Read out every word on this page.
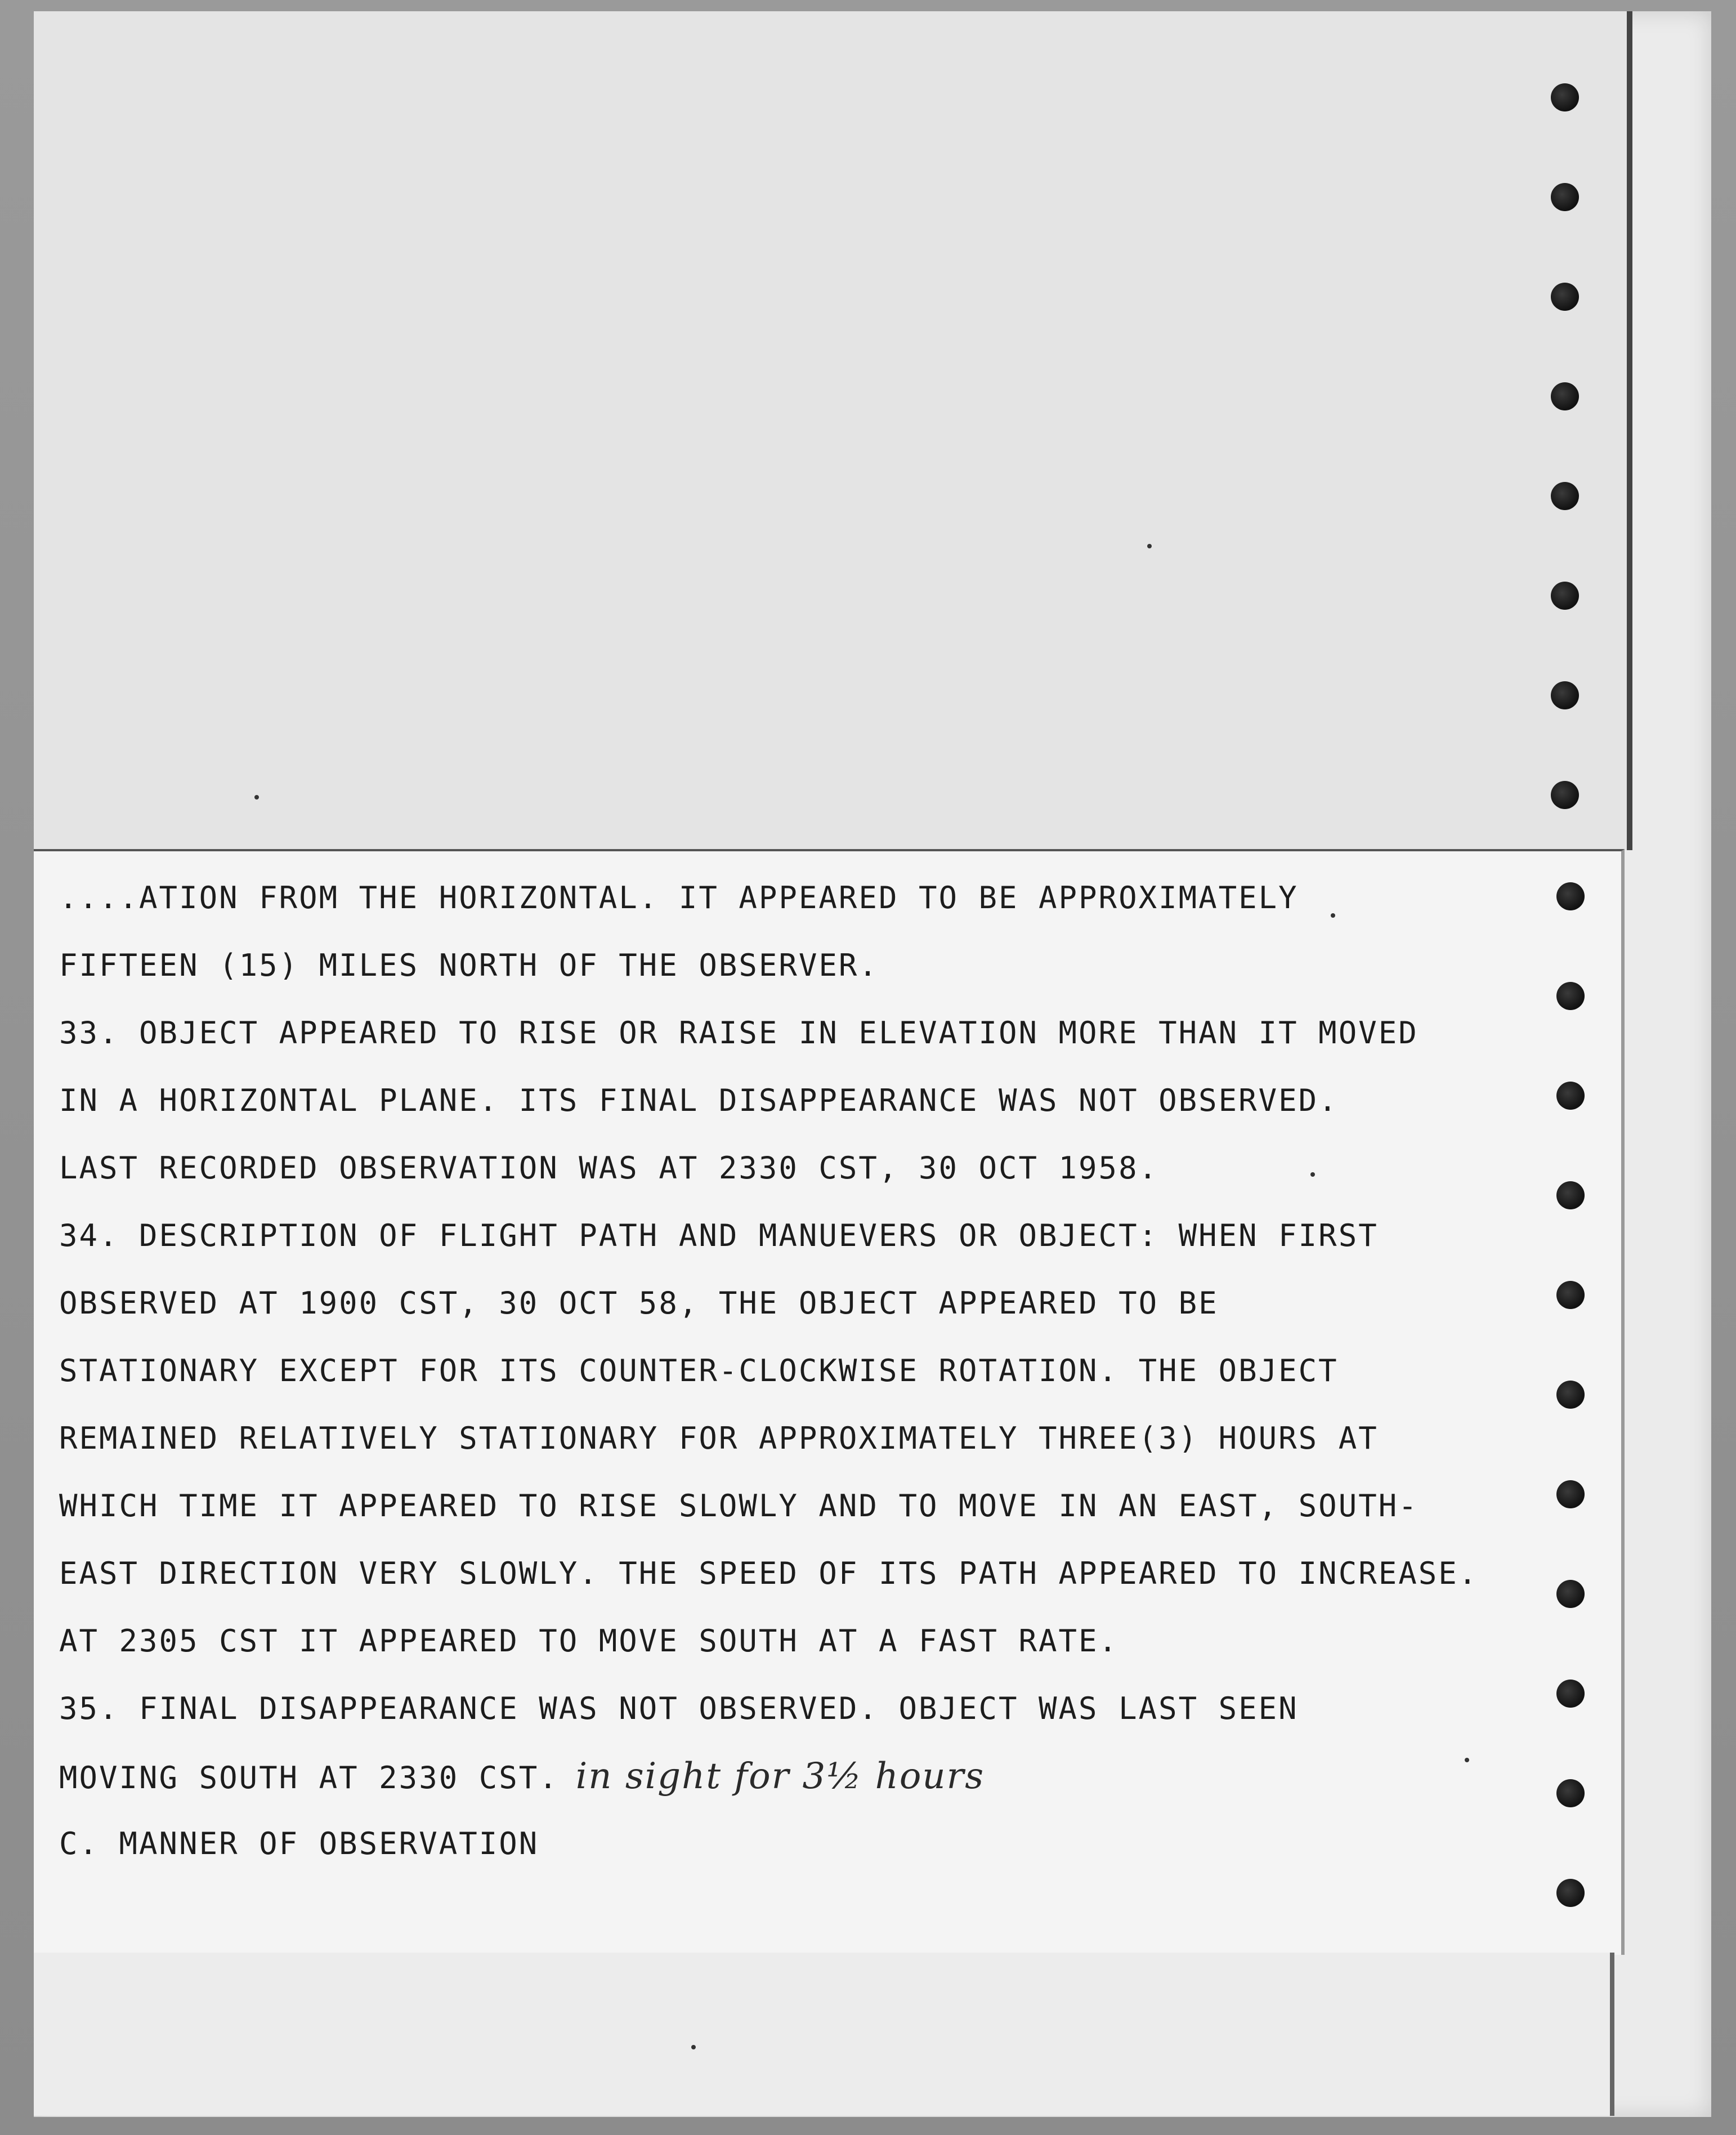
....ATION FROM THE HORIZONTAL. IT APPEARED TO BE APPROXIMATELY
FIFTEEN (15) MILES NORTH OF THE OBSERVER.
33. OBJECT APPEARED TO RISE OR RAISE IN ELEVATION MORE THAN IT MOVED
IN A HORIZONTAL PLANE. ITS FINAL DISAPPEARANCE WAS NOT OBSERVED.
LAST RECORDED OBSERVATION WAS AT 2330 CST, 30 OCT 1958.
34. DESCRIPTION OF FLIGHT PATH AND MANUEVERS OR OBJECT: WHEN FIRST
OBSERVED AT 1900 CST, 30 OCT 58, THE OBJECT APPEARED TO BE
STATIONARY EXCEPT FOR ITS COUNTER-CLOCKWISE ROTATION. THE OBJECT
REMAINED RELATIVELY STATIONARY FOR APPROXIMATELY THREE(3) HOURS AT
WHICH TIME IT APPEARED TO RISE SLOWLY AND TO MOVE IN AN EAST, SOUTH-
EAST DIRECTION VERY SLOWLY. THE SPEED OF ITS PATH APPEARED TO INCREASE.
AT 2305 CST IT APPEARED TO MOVE SOUTH AT A FAST RATE.
35. FINAL DISAPPEARANCE WAS NOT OBSERVED. OBJECT WAS LAST SEEN
MOVING SOUTH AT 2330 CST. in sight for 3½ hours
C. MANNER OF OBSERVATION
